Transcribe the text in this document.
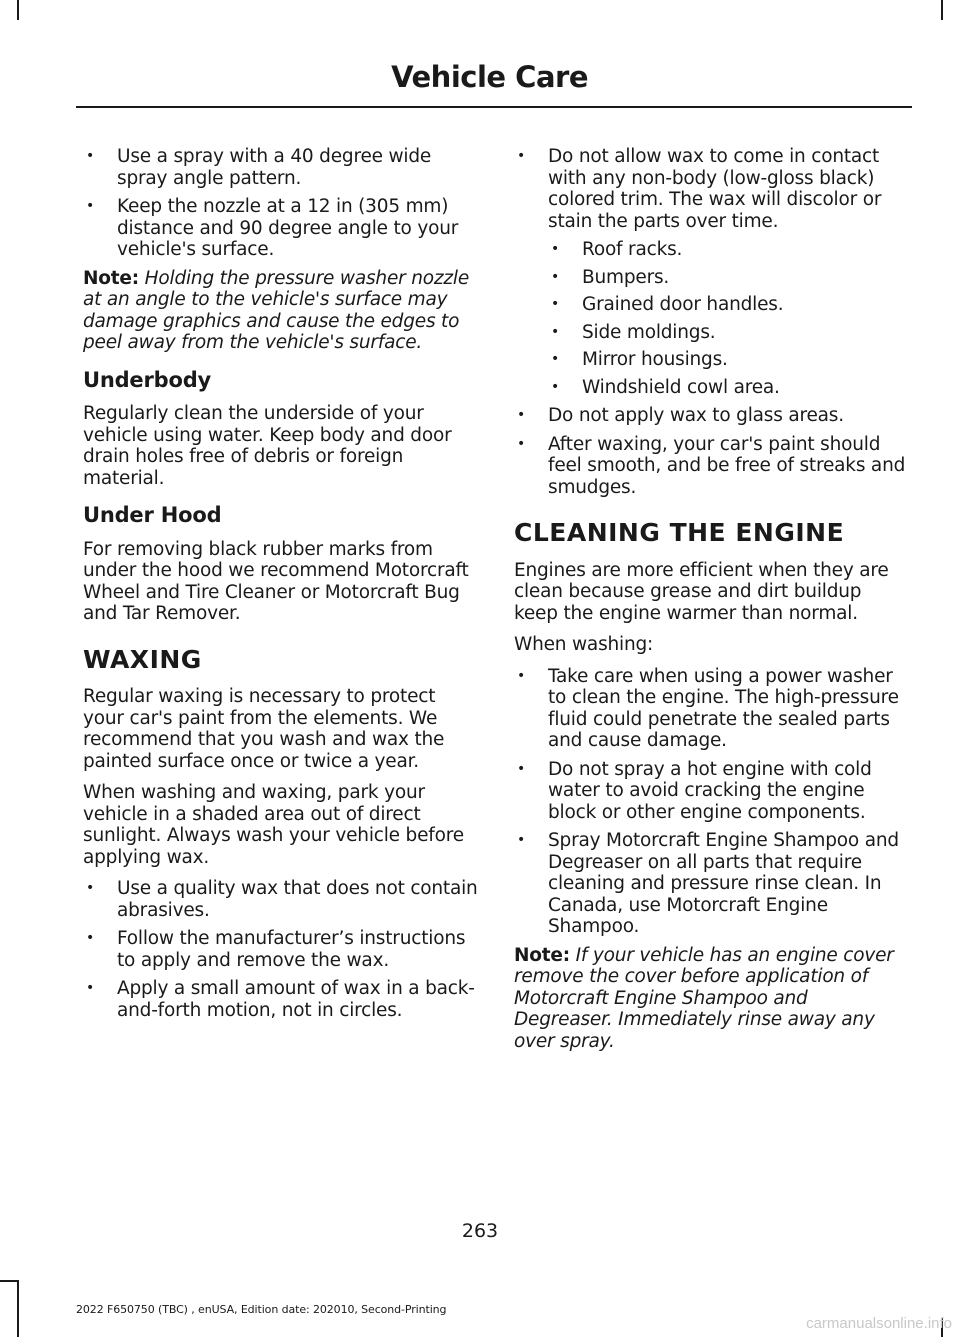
Vehicle Care
• Use a spray with a 40 degree wide spray angle pattern.
• Keep the nozzle at a 12 in (305 mm) distance and 90 degree angle to your vehicle's surface.

Note: Holding the pressure washer nozzle at an angle to the vehicle's surface may damage graphics and cause the edges to peel away from the vehicle's surface.

Underbody

Regularly clean the underside of your vehicle using water. Keep body and door drain holes free of debris or foreign material.

Under Hood

For removing black rubber marks from under the hood we recommend Motorcraft Wheel and Tire Cleaner or Motorcraft Bug and Tar Remover.

WAXING

Regular waxing is necessary to protect your car's paint from the elements. We recommend that you wash and wax the painted surface once or twice a year.

When washing and waxing, park your vehicle in a shaded area out of direct sunlight. Always wash your vehicle before applying wax.

• Use a quality wax that does not contain abrasives.
• Follow the manufacturer’s instructions to apply and remove the wax.
• Apply a small amount of wax in a back-and-forth motion, not in circles.
• Do not allow wax to come in contact with any non-body (low-gloss black) colored trim. The wax will discolor or stain the parts over time.
• Roof racks.
• Bumpers.
• Grained door handles.
• Side moldings.
• Mirror housings.
• Windshield cowl area.
• Do not apply wax to glass areas.
• After waxing, your car's paint should feel smooth, and be free of streaks and smudges.
CLEANING THE ENGINE

Engines are more efficient when they are clean because grease and dirt buildup keep the engine warmer than normal.

When washing:

• Take care when using a power washer to clean the engine. The high-pressure fluid could penetrate the sealed parts and cause damage.
• Do not spray a hot engine with cold water to avoid cracking the engine block or other engine components.
• Spray Motorcraft Engine Shampoo and Degreaser on all parts that require cleaning and pressure rinse clean. In Canada, use Motorcraft Engine Shampoo.

Note: If your vehicle has an engine cover remove the cover before application of Motorcraft Engine Shampoo and Degreaser. Immediately rinse away any over spray.

263
2022 F650750 (TBC) , enUSA, Edition date: 202010, Second-Printing
carmanualsonline.info
